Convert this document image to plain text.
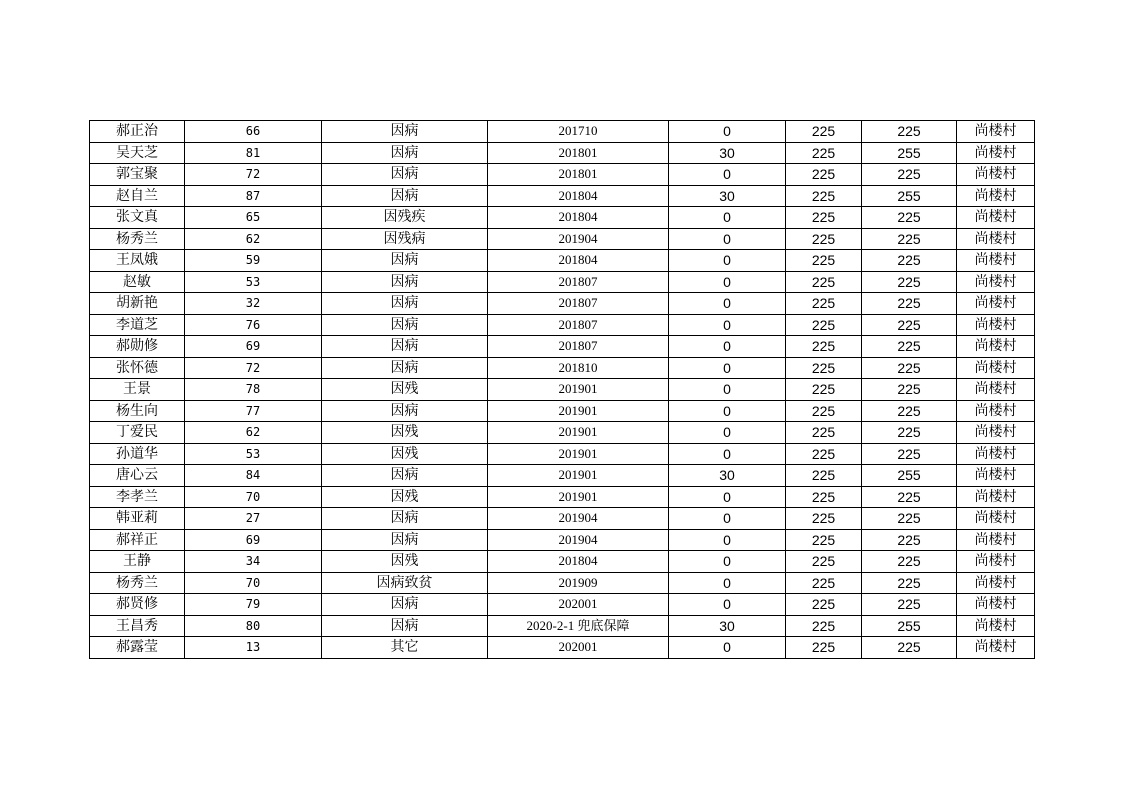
郝正治	66	因病	201710	0	225	225	尚楼村
吴天芝	81	因病	201801	30	225	255	尚楼村
郭宝聚	72	因病	201801	0	225	225	尚楼村
赵自兰	87	因病	201804	30	225	255	尚楼村
张文真	65	因残疾	201804	0	225	225	尚楼村
杨秀兰	62	因残病	201904	0	225	225	尚楼村
王凤娥	59	因病	201804	0	225	225	尚楼村
赵敏	53	因病	201807	0	225	225	尚楼村
胡新艳	32	因病	201807	0	225	225	尚楼村
李道芝	76	因病	201807	0	225	225	尚楼村
郝勋修	69	因病	201807	0	225	225	尚楼村
张怀德	72	因病	201810	0	225	225	尚楼村
王景	78	因残	201901	0	225	225	尚楼村
杨生向	77	因病	201901	0	225	225	尚楼村
丁爱民	62	因残	201901	0	225	225	尚楼村
孙道华	53	因残	201901	0	225	225	尚楼村
唐心云	84	因病	201901	30	225	255	尚楼村
李孝兰	70	因残	201901	0	225	225	尚楼村
韩亚莉	27	因病	201904	0	225	225	尚楼村
郝祥正	69	因病	201904	0	225	225	尚楼村
王静	34	因残	201804	0	225	225	尚楼村
杨秀兰	70	因病致贫	201909	0	225	225	尚楼村
郝贤修	79	因病	202001	0	225	225	尚楼村
王昌秀	80	因病	2020-2-1 兜底保障	30	225	255	尚楼村
郝露莹	13	其它	202001	0	225	225	尚楼村
